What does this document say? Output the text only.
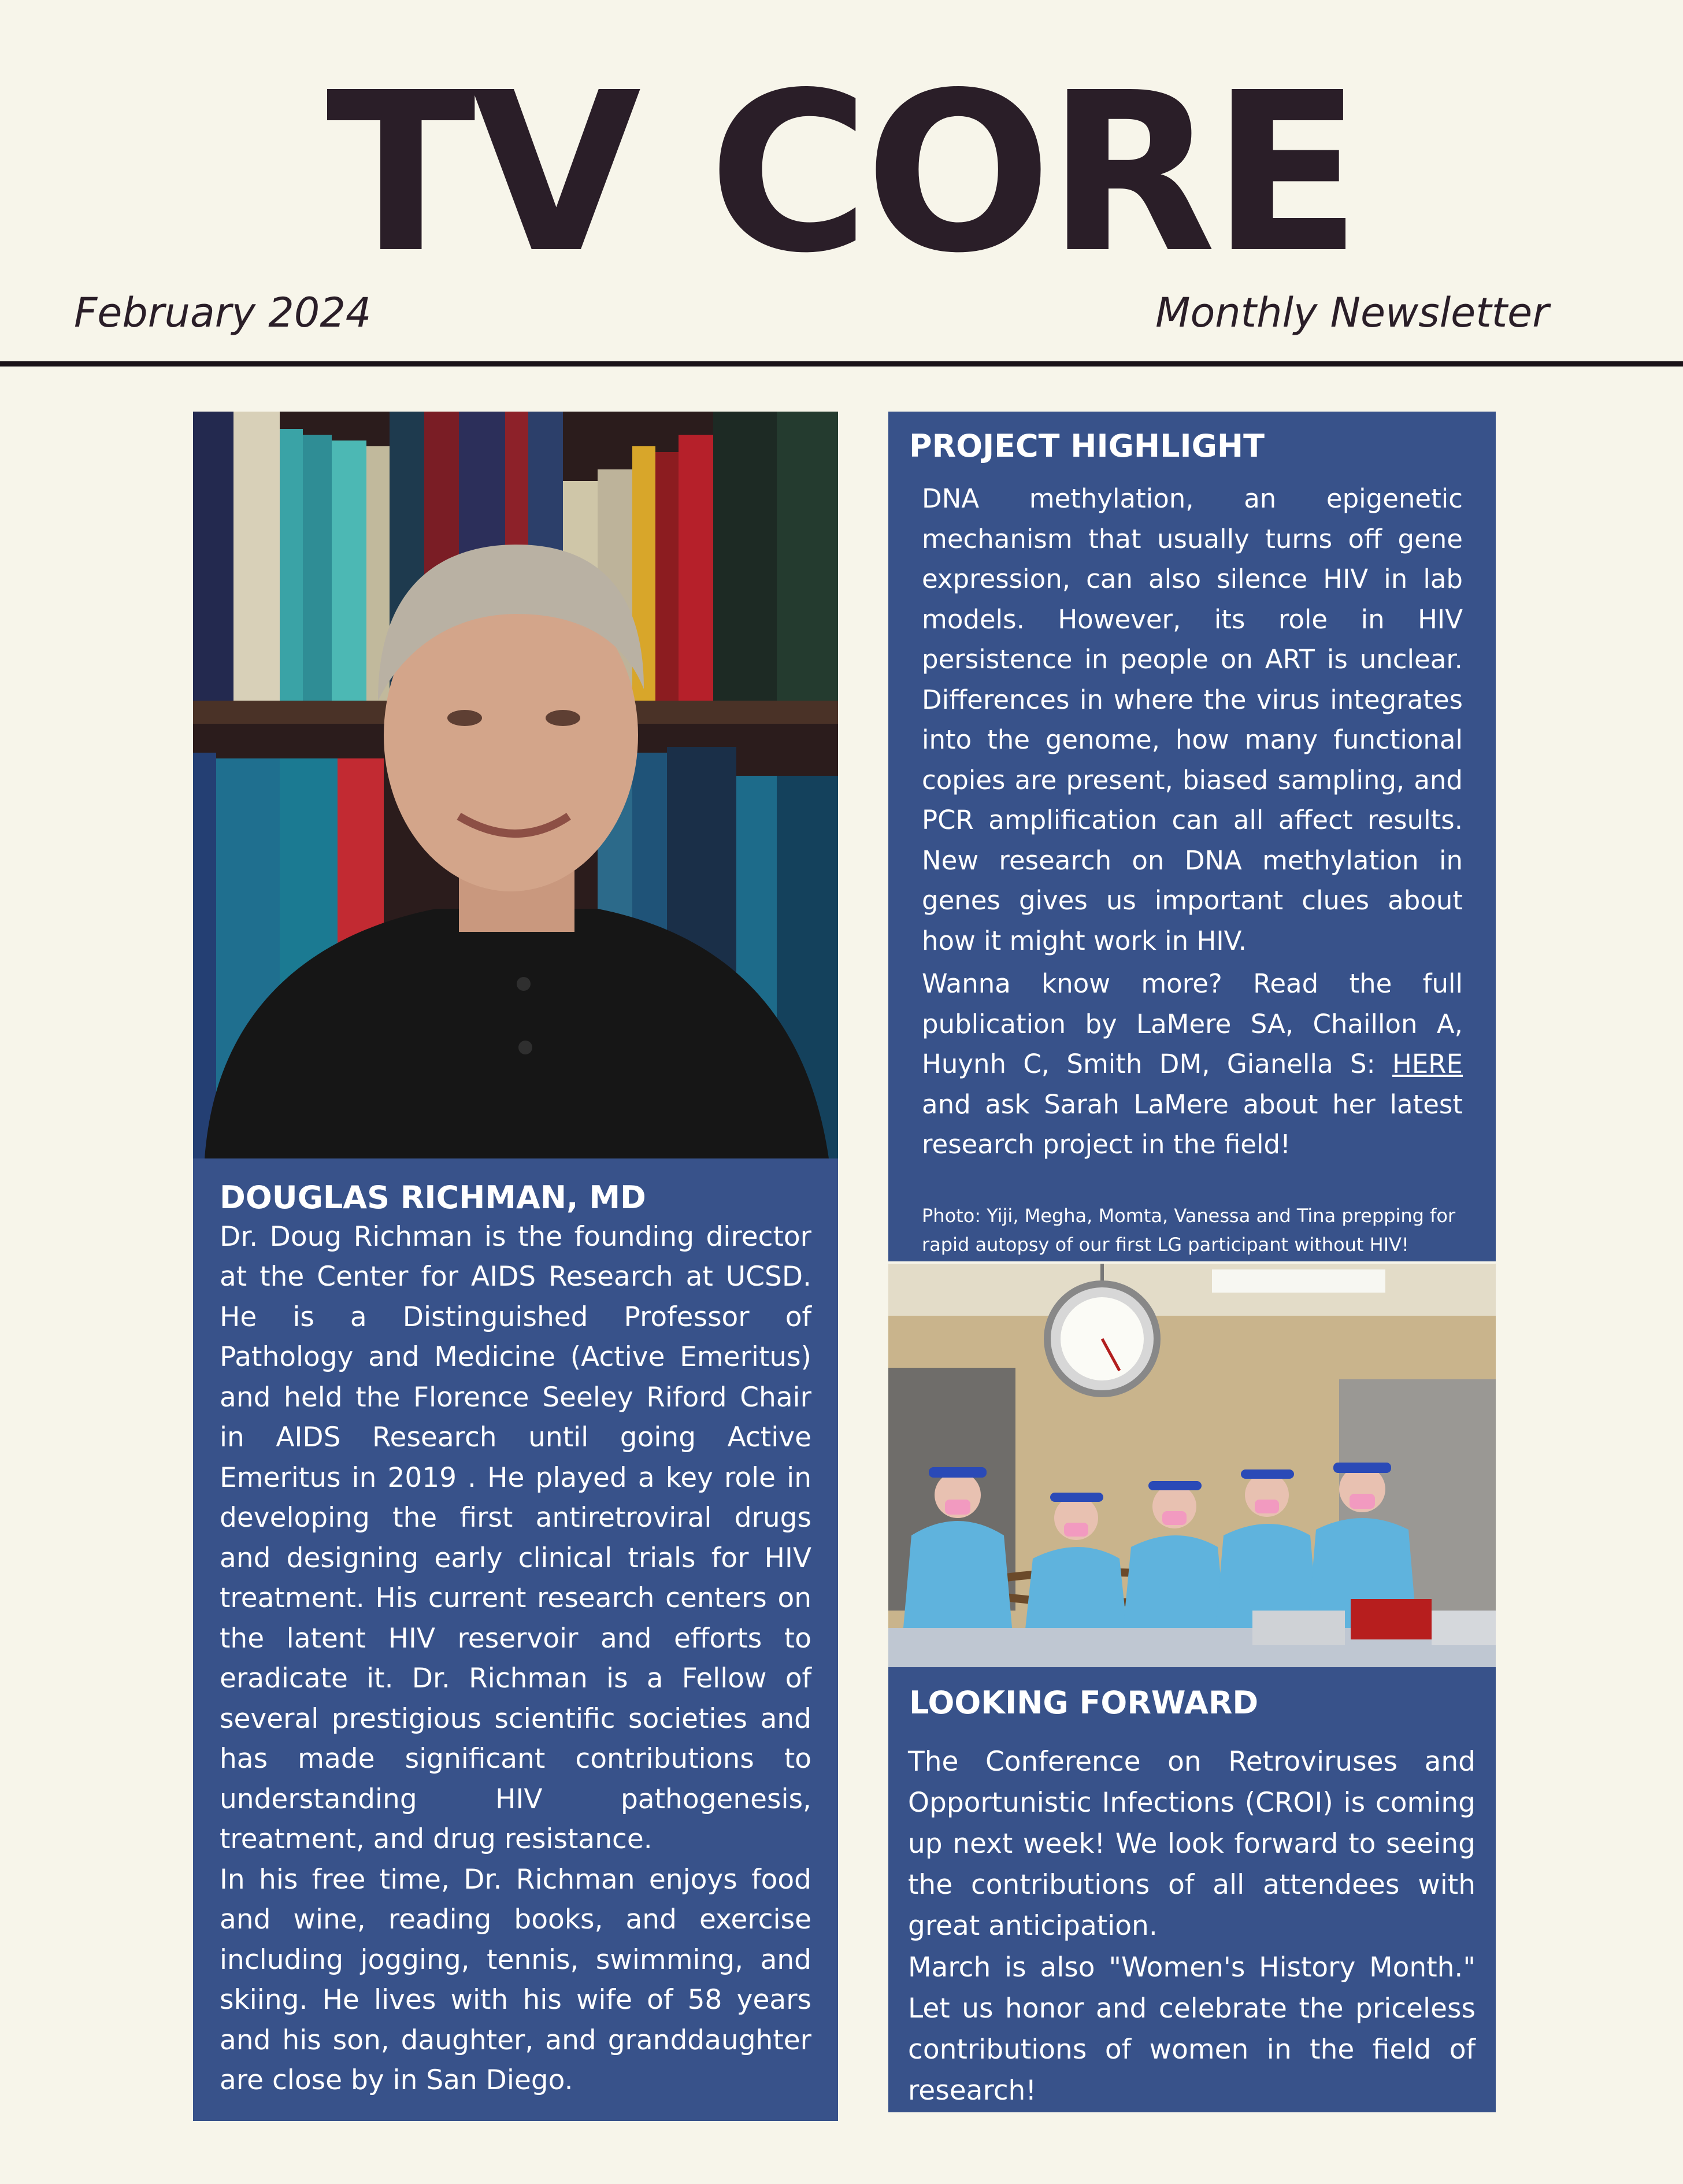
TV CORE
February 2024	Monthly Newsletter
DOUGLAS RICHMAN, MD

Dr. Doug Richman is the founding director at the Center for AIDS Research at UCSD. He is a Distinguished Professor of Pathology and Medicine (Active Emeritus) and held the Florence Seeley Riford Chair in AIDS Research until going Active Emeritus in 2019 . He played a key role in developing the first antiretroviral drugs and designing early clinical trials for HIV treatment. His current research centers on the latent HIV reservoir and efforts to eradicate it. Dr. Richman is a Fellow of several prestigious scientific societies and has made significant contributions to understanding HIV pathogenesis, treatment, and drug resistance.

In his free time, Dr. Richman enjoys food and wine, reading books, and exercise including jogging, tennis, swimming, and skiing. He lives with his wife of 58 years and his son, daughter, and granddaughter are close by in San Diego.

PROJECT HIGHLIGHT

DNA methylation, an epigenetic mechanism that usually turns off gene expression, can also silence HIV in lab models. However, its role in HIV persistence in people on ART is unclear. Differences in where the virus integrates into the genome, how many functional copies are present, biased sampling, and PCR amplification can all affect results. New research on DNA methylation in genes gives us important clues about how it might work in HIV.

Wanna know more? Read the full publication by LaMere SA, Chaillon A, Huynh C, Smith DM, Gianella S: HERE and ask Sarah LaMere about her latest research project in the field!

Photo: Yiji, Megha, Momta, Vanessa and Tina prepping for rapid autopsy of our first LG participant without HIV!

LOOKING FORWARD

The Conference on Retroviruses and Opportunistic Infections (CROI) is coming up next week! We look forward to seeing the contributions of all attendees with great anticipation.

March is also "Women's History Month." Let us honor and celebrate the priceless contributions of women in the field of research!
